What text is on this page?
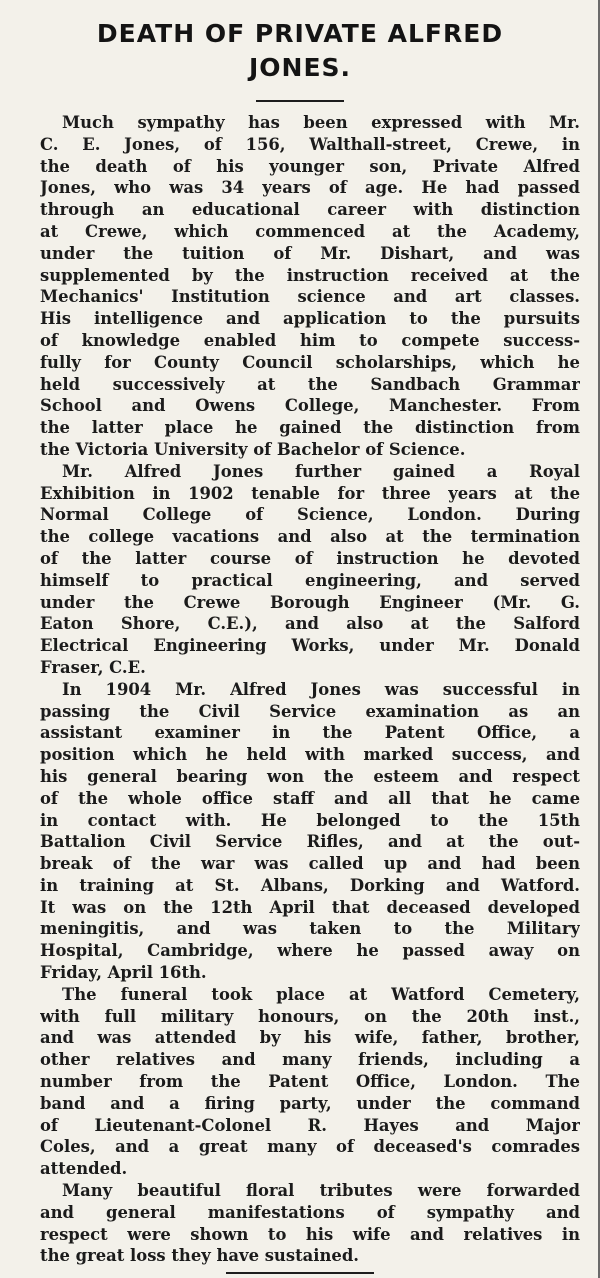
DEATH OF PRIVATE ALFRED
JONES.
Much sympathy has been expressed with Mr.
C. E. Jones, of 156, Walthall-street, Crewe, in
the death of his younger son, Private Alfred
Jones, who was 34 years of age. He had passed
through an educational career with distinction
at Crewe, which commenced at the Academy,
under the tuition of Mr. Dishart, and was
supplemented by the instruction received at the
Mechanics' Institution science and art classes.
His intelligence and application to the pursuits
of knowledge enabled him to compete success-
fully for County Council scholarships, which he
held successively at the Sandbach Grammar
School and Owens College, Manchester. From
the latter place he gained the distinction from
the Victoria University of Bachelor of Science.
Mr. Alfred Jones further gained a Royal
Exhibition in 1902 tenable for three years at the
Normal College of Science, London. During
the college vacations and also at the termination
of the latter course of instruction he devoted
himself to practical engineering, and served
under the Crewe Borough Engineer (Mr. G.
Eaton Shore, C.E.), and also at the Salford
Electrical Engineering Works, under Mr. Donald
Fraser, C.E.
In 1904 Mr. Alfred Jones was successful in
passing the Civil Service examination as an
assistant examiner in the Patent Office, a
position which he held with marked success, and
his general bearing won the esteem and respect
of the whole office staff and all that he came
in contact with. He belonged to the 15th
Battalion Civil Service Rifles, and at the out-
break of the war was called up and had been
in training at St. Albans, Dorking and Watford.
It was on the 12th April that deceased developed
meningitis, and was taken to the Military
Hospital, Cambridge, where he passed away on
Friday, April 16th.
The funeral took place at Watford Cemetery,
with full military honours, on the 20th inst.,
and was attended by his wife, father, brother,
other relatives and many friends, including a
number from the Patent Office, London. The
band and a firing party, under the command
of Lieutenant-Colonel R. Hayes and Major
Coles, and a great many of deceased's comrades
attended.
Many beautiful floral tributes were forwarded
and general manifestations of sympathy and
respect were shown to his wife and relatives in
the great loss they have sustained.
